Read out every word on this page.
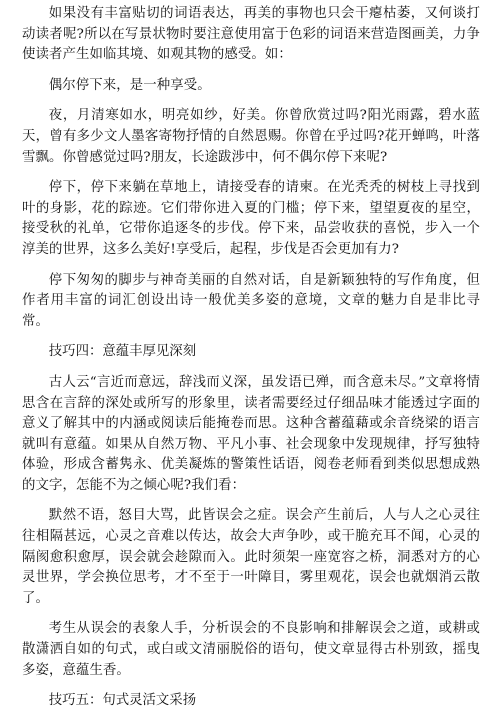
如果没有丰富贴切的词语表达，再美的事物也只会干瘪枯萎，又何谈打动读者呢?所以在写景状物时要注意使用富于色彩的词语来营造图画美，力争使读者产生如临其境、如观其物的感受。如：

偶尔停下来，是一种享受。

夜，月清寒如水，明亮如纱，好美。你曾欣赏过吗?阳光雨露，碧水蓝天，曾有多少文人墨客寄物抒情的自然恩赐。你曾在乎过吗?花开蝉鸣，叶落雪飘。你曾感觉过吗?朋友，长途跋涉中，何不偶尔停下来呢?

停下，停下来躺在草地上，请接受春的请柬。在光秃秃的树枝上寻找到叶的身影，花的踪迹。它们带你进入夏的门槛；停下来，望望夏夜的星空，接受秋的礼单，它带你追逐冬的步伐。停下来，品尝收获的喜悦，步入一个淳美的世界，这多么美好!享受后，起程，步伐是否会更加有力?

停下匆匆的脚步与神奇美丽的自然对话，自是新颖独特的写作角度，但作者用丰富的词汇创设出诗一般优美多姿的意境，文章的魅力自是非比寻常。

技巧四：意蕴丰厚见深刻

古人云“言近而意远，辞浅而义深，虽发语已殚，而含意未尽。”文章将情思含在言辞的深处或所写的形象里，读者需要经过仔细品味才能透过字面的意义了解其中的内涵或阅读后能掩卷而思。这种含蓄蕴藉或余音绕梁的语言就叫有意蕴。如果从自然万物、平凡小事、社会现象中发现规律，抒写独特体验，形成含蓄隽永、优美凝炼的警策性话语，阅卷老师看到类似思想成熟的文字，怎能不为之倾心呢?我们看：

默然不语，怒目大骂，此皆误会之症。误会产生前后，人与人之心灵往往相隔甚远，心灵之音难以传达，故会大声争吵，或干脆充耳不闻，心灵的隔阂愈积愈厚，误会就会趁隙而入。此时须架一座宽容之桥，洞悉对方的心灵世界，学会换位思考，才不至于一叶障目，雾里观花，误会也就烟消云散了。

考生从误会的表象人手，分析误会的不良影响和排解误会之道，或耕或散潇洒自如的句式，或白或文清丽脱俗的语句，使文章显得古朴别致，摇曳多姿，意蕴生香。

技巧五：句式灵活文采扬
